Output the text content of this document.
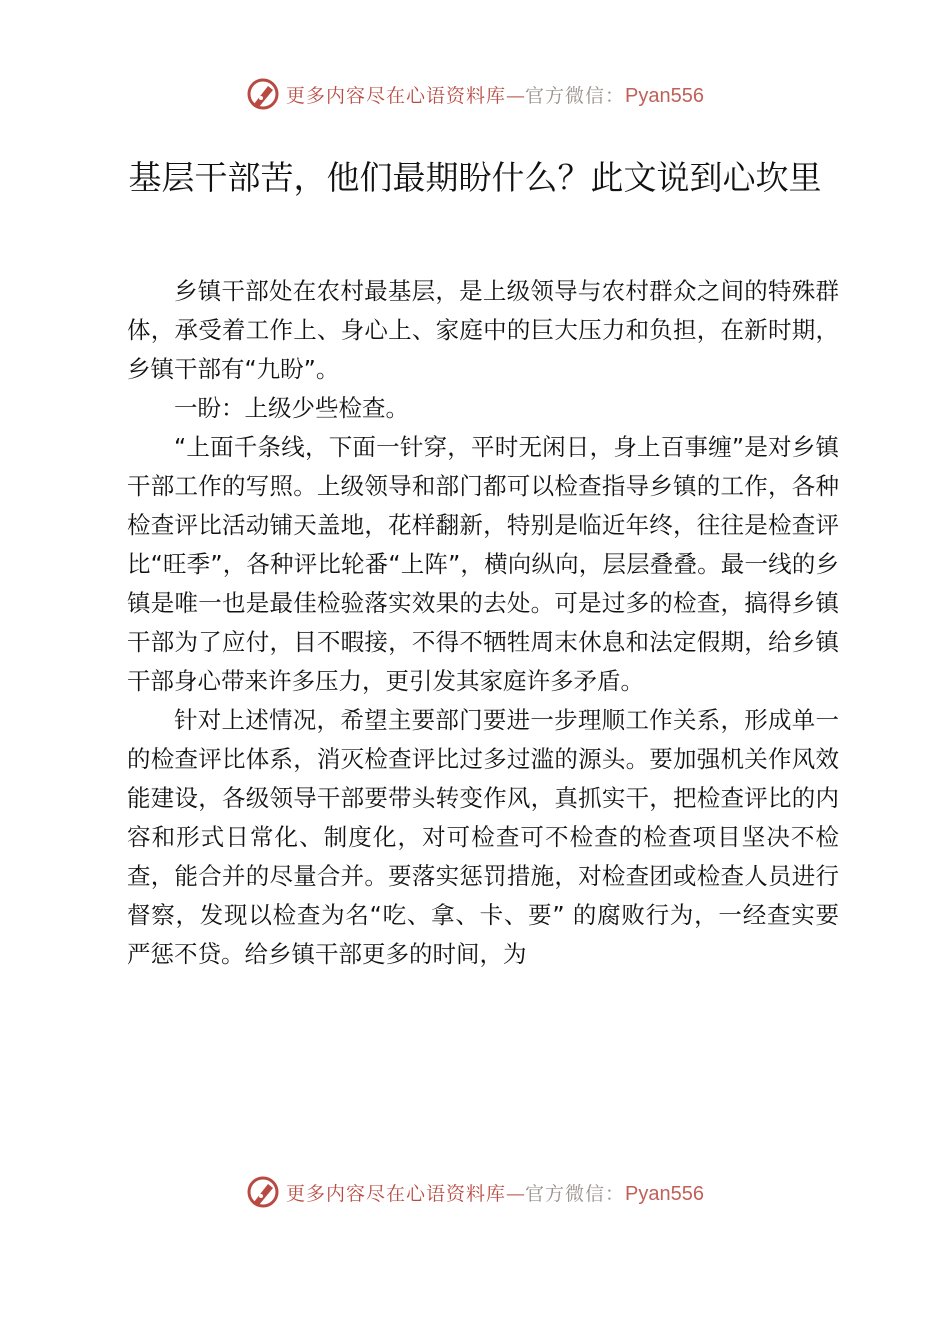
更多内容尽在心语资料库—官方微信：Pyan556
基层干部苦，他们最期盼什么？此文说到心坎里

乡镇干部处在农村最基层，是上级领导与农村群众之间的特殊群体，承受着工作上、身心上、家庭中的巨大压力和负担，在新时期，乡镇干部有“九盼”。

一盼：上级少些检查。

“上面千条线，下面一针穿，平时无闲日，身上百事缠”是对乡镇干部工作的写照。上级领导和部门都可以检查指导乡镇的工作，各种检查评比活动铺天盖地，花样翻新，特别是临近年终，往往是检查评比“旺季”，各种评比轮番“上阵”，横向纵向，层层叠叠。最一线的乡镇是唯一也是最佳检验落实效果的去处。可是过多的检查，搞得乡镇干部为了应付，目不暇接，不得不牺牲周末休息和法定假期，给乡镇干部身心带来许多压力，更引发其家庭许多矛盾。

针对上述情况，希望主要部门要进一步理顺工作关系，形成单一的检查评比体系，消灭检查评比过多过滥的源头。要加强机关作风效能建设，各级领导干部要带头转变作风，真抓实干，把检查评比的内容和形式日常化、制度化，对可检查可不检查的检查项目坚决不检查，能合并的尽量合并。要落实惩罚措施，对检查团或检查人员进行督察，发现以检查为名“吃、拿、卡、要” 的腐败行为，一经查实要严惩不贷。给乡镇干部更多的时间，为

更多内容尽在心语资料库—官方微信：Pyan556
